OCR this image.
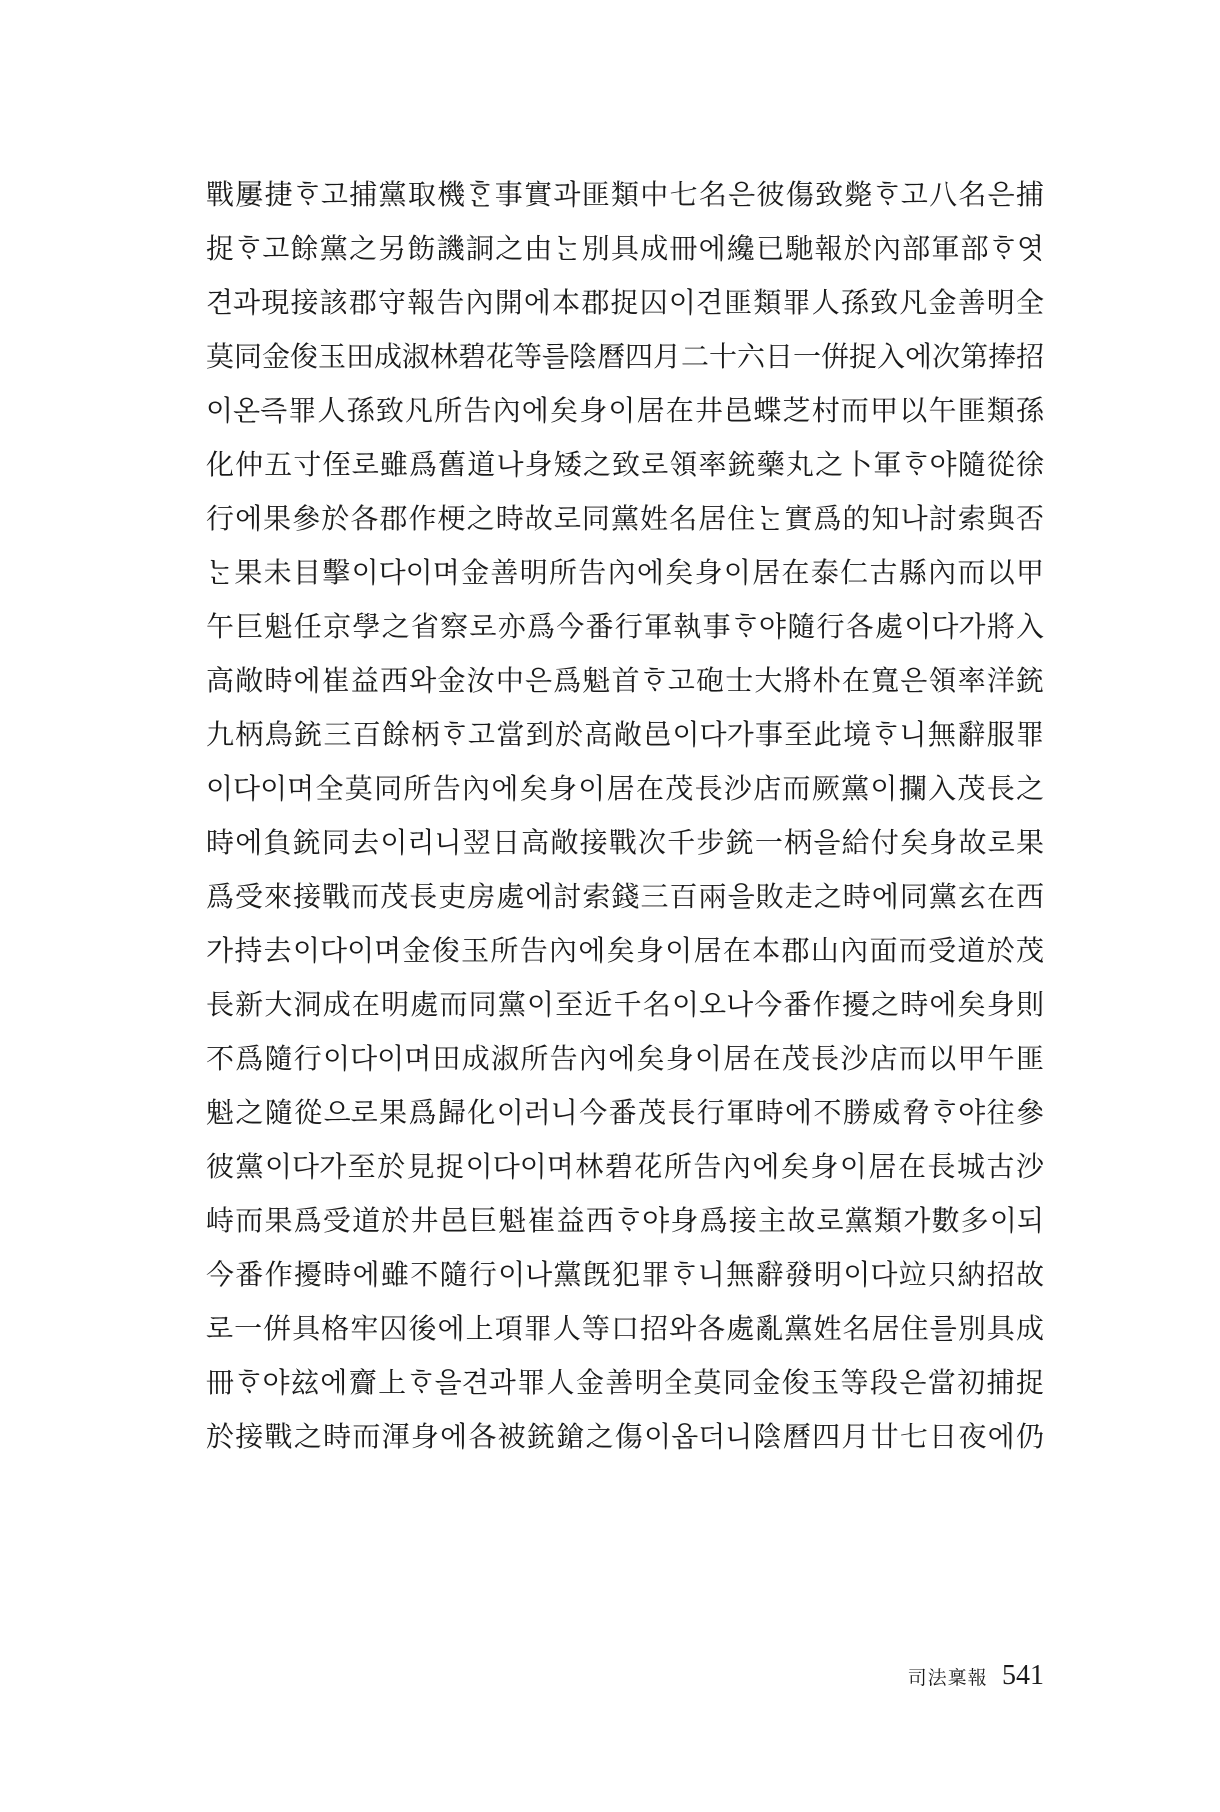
戰屢捷ᄒᆞ고捕黨取機ᄒᆞᆫ事實과匪類中七名은彼傷致斃ᄒᆞ고八名은捕
捉ᄒᆞ고餘黨之另飭譏詷之由ᄂᆞᆫ別具成冊에纔已馳報於內部軍部ᄒᆞ엿
견과現接該郡守報告內開에本郡捉囚이견匪類罪人孫致凡金善明全
莫同金俊玉田成淑林碧花等를陰曆四月二十六日一倂捉入에次第捧招
이온즉罪人孫致凡所告內에矣身이居在井邑蝶芝村而甲以午匪類孫
化仲五寸侄로雖爲舊道나身矮之致로領率銃藥丸之卜軍ᄒᆞ야隨從徐
行에果參於各郡作梗之時故로同黨姓名居住ᄂᆞᆫ實爲的知나討索與否
ᄂᆞᆫ果未目擊이다이며金善明所告內에矣身이居在泰仁古縣內而以甲
午巨魁任京學之省察로亦爲今番行軍執事ᄒᆞ야隨行各處이다가將入
高敞時에崔益西와金汝中은爲魁首ᄒᆞ고砲士大將朴在寬은領率洋銃
九柄鳥銃三百餘柄ᄒᆞ고當到於高敞邑이다가事至此境ᄒᆞ니無辭服罪
이다이며全莫同所告內에矣身이居在茂長沙店而厥黨이攔入茂長之
時에負銃同去이리니翌日高敞接戰次千步銃一柄을給付矣身故로果
爲受來接戰而茂長吏房處에討索錢三百兩을敗走之時에同黨玄在西
가持去이다이며金俊玉所告內에矣身이居在本郡山內面而受道於茂
長新大洞成在明處而同黨이至近千名이오나今番作擾之時에矣身則
不爲隨行이다이며田成淑所告內에矣身이居在茂長沙店而以甲午匪
魁之隨從으로果爲歸化이러니今番茂長行軍時에不勝威脅ᄒᆞ야往參
彼黨이다가至於見捉이다이며林碧花所告內에矣身이居在長城古沙
峙而果爲受道於井邑巨魁崔益西ᄒᆞ야身爲接主故로黨類가數多이되
今番作擾時에雖不隨行이나黨旣犯罪ᄒᆞ니無辭發明이다竝只納招故
로一倂具格牢囚後에上項罪人等口招와各處亂黨姓名居住를別具成
冊ᄒᆞ야玆에齎上ᄒᆞ을견과罪人金善明全莫同金俊玉等段은當初捕捉
於接戰之時而渾身에各被銃鎗之傷이옵더니陰曆四月廿七日夜에仍
司法稟報 541
